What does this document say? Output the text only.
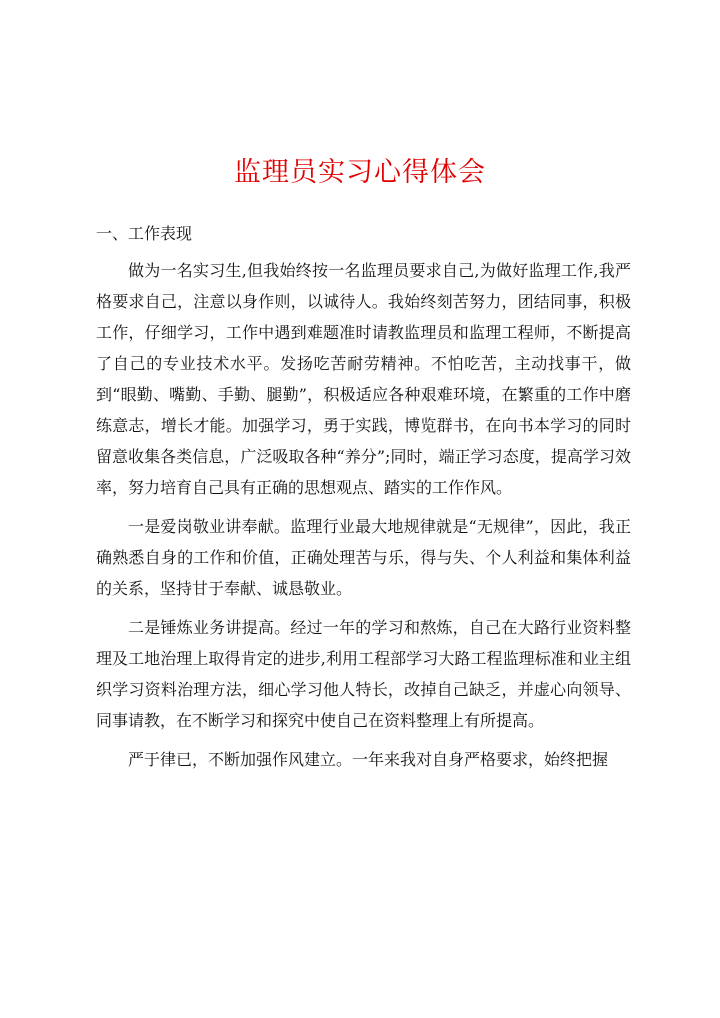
监理员实习心得体会

一、工作表现

做为一名实习生,但我始终按一名监理员要求自己,为做好监理工作,我严格要求自己，注意以身作则，以诚待人。我始终刻苦努力，团结同事，积极工作，仔细学习，工作中遇到难题准时请教监理员和监理工程师，不断提高了自己的专业技术水平。发扬吃苦耐劳精神。不怕吃苦，主动找事干，做到“眼勤、嘴勤、手勤、腿勤”，积极适应各种艰难环境，在繁重的工作中磨练意志，增长才能。加强学习，勇于实践，博览群书，在向书本学习的同时留意收集各类信息，广泛吸取各种“养分”;同时，端正学习态度，提高学习效率，努力培育自己具有正确的思想观点、踏实的工作作风。

一是爱岗敬业讲奉献。监理行业最大地规律就是“无规律”，因此，我正确熟悉自身的工作和价值，正确处理苦与乐，得与失、个人利益和集体利益的关系，坚持甘于奉献、诚恳敬业。

二是锤炼业务讲提高。经过一年的学习和熬炼，自己在大路行业资料整理及工地治理上取得肯定的进步,利用工程部学习大路工程监理标准和业主组织学习资料治理方法，细心学习他人特长，改掉自己缺乏，并虚心向领导、同事请教，在不断学习和探究中使自己在资料整理上有所提高。

严于律已，不断加强作风建立。一年来我对自身严格要求，始终把握
